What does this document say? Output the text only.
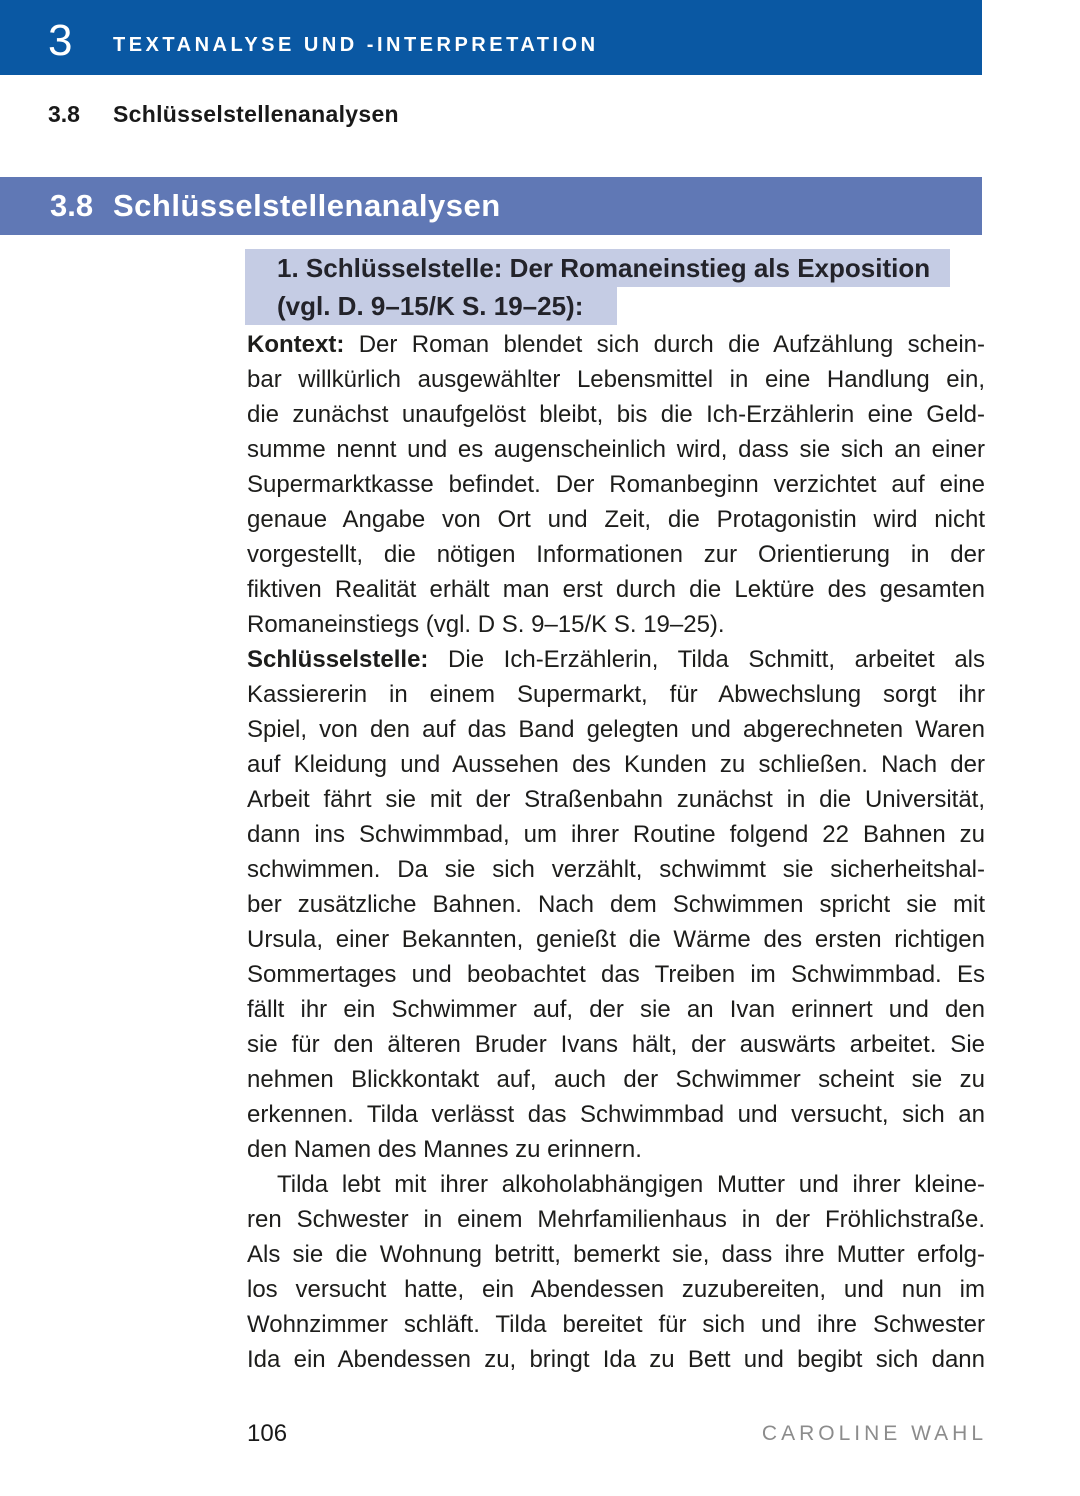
3 TEXTANALYSE UND -INTERPRETATION
3.8 Schlüsselstellenanalysen
3.8 Schlüsselstellenanalysen
1. Schlüsselstelle: Der Romaneinstieg als Exposition
(vgl. D. 9–15/K S. 19–25):
Kontext: Der Roman blendet sich durch die Aufzählung schein-
bar willkürlich ausgewählter Lebensmittel in eine Handlung ein,
die zunächst unaufgelöst bleibt, bis die Ich-Erzählerin eine Geld-
summe nennt und es augenscheinlich wird, dass sie sich an einer
Supermarktkasse befindet. Der Romanbeginn verzichtet auf eine
genaue Angabe von Ort und Zeit, die Protagonistin wird nicht
vorgestellt, die nötigen Informationen zur Orientierung in der
fiktiven Realität erhält man erst durch die Lektüre des gesamten
Romaneinstiegs (vgl. D S. 9–15/K S. 19–25).
Schlüsselstelle: Die Ich-Erzählerin, Tilda Schmitt, arbeitet als
Kassiererin in einem Supermarkt, für Abwechslung sorgt ihr
Spiel, von den auf das Band gelegten und abgerechneten Waren
auf Kleidung und Aussehen des Kunden zu schließen. Nach der
Arbeit fährt sie mit der Straßenbahn zunächst in die Universität,
dann ins Schwimmbad, um ihrer Routine folgend 22 Bahnen zu
schwimmen. Da sie sich verzählt, schwimmt sie sicherheitshal-
ber zusätzliche Bahnen. Nach dem Schwimmen spricht sie mit
Ursula, einer Bekannten, genießt die Wärme des ersten richtigen
Sommertages und beobachtet das Treiben im Schwimmbad. Es
fällt ihr ein Schwimmer auf, der sie an Ivan erinnert und den
sie für den älteren Bruder Ivans hält, der auswärts arbeitet. Sie
nehmen Blickkontakt auf, auch der Schwimmer scheint sie zu
erkennen. Tilda verlässt das Schwimmbad und versucht, sich an
den Namen des Mannes zu erinnern.
Tilda lebt mit ihrer alkoholabhängigen Mutter und ihrer kleine-
ren Schwester in einem Mehrfamilienhaus in der Fröhlichstraße.
Als sie die Wohnung betritt, bemerkt sie, dass ihre Mutter erfolg-
los versucht hatte, ein Abendessen zuzubereiten, und nun im
Wohnzimmer schläft. Tilda bereitet für sich und ihre Schwester
Ida ein Abendessen zu, bringt Ida zu Bett und begibt sich dann
106	CAROLINE WAHL
